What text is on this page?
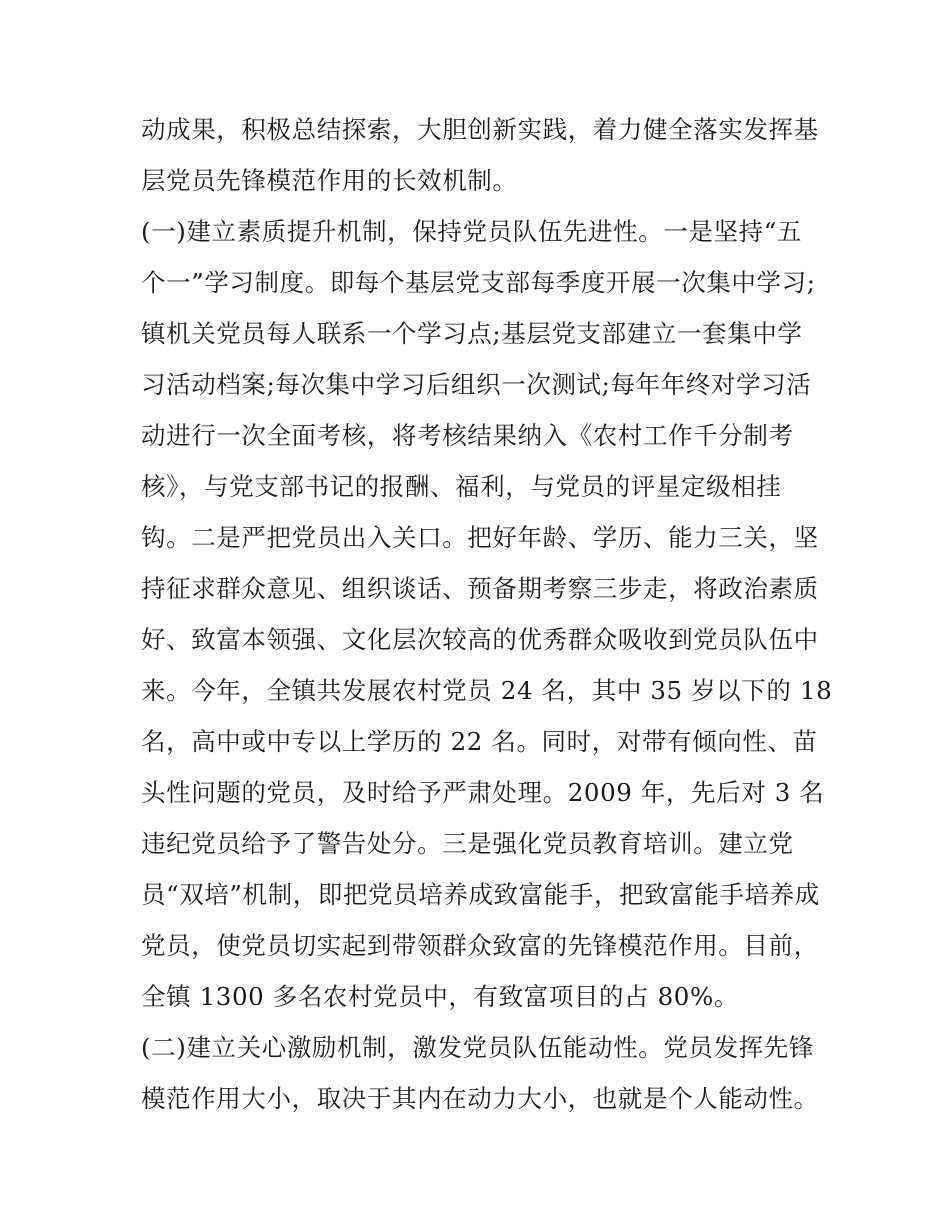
动成果，积极总结探索，大胆创新实践，着力健全落实发挥基
层党员先锋模范作用的长效机制。
(一)建立素质提升机制，保持党员队伍先进性。一是坚持“五
个一”学习制度。即每个基层党支部每季度开展一次集中学习;
镇机关党员每人联系一个学习点;基层党支部建立一套集中学
习活动档案;每次集中学习后组织一次测试;每年年终对学习活
动进行一次全面考核，将考核结果纳入《农村工作千分制考
核》，与党支部书记的报酬、福利，与党员的评星定级相挂
钩。二是严把党员出入关口。把好年龄、学历、能力三关，坚
持征求群众意见、组织谈话、预备期考察三步走，将政治素质
好、致富本领强、文化层次较高的优秀群众吸收到党员队伍中
来。今年，全镇共发展农村党员 24 名，其中 35 岁以下的 18
名，高中或中专以上学历的 22 名。同时，对带有倾向性、苗
头性问题的党员，及时给予严肃处理。2009 年，先后对 3 名
违纪党员给予了警告处分。三是强化党员教育培训。建立党
员“双培”机制，即把党员培养成致富能手，把致富能手培养成
党员，使党员切实起到带领群众致富的先锋模范作用。目前，
全镇 1300 多名农村党员中，有致富项目的占 80%。
(二)建立关心激励机制，激发党员队伍能动性。党员发挥先锋
模范作用大小，取决于其内在动力大小，也就是个人能动性。
